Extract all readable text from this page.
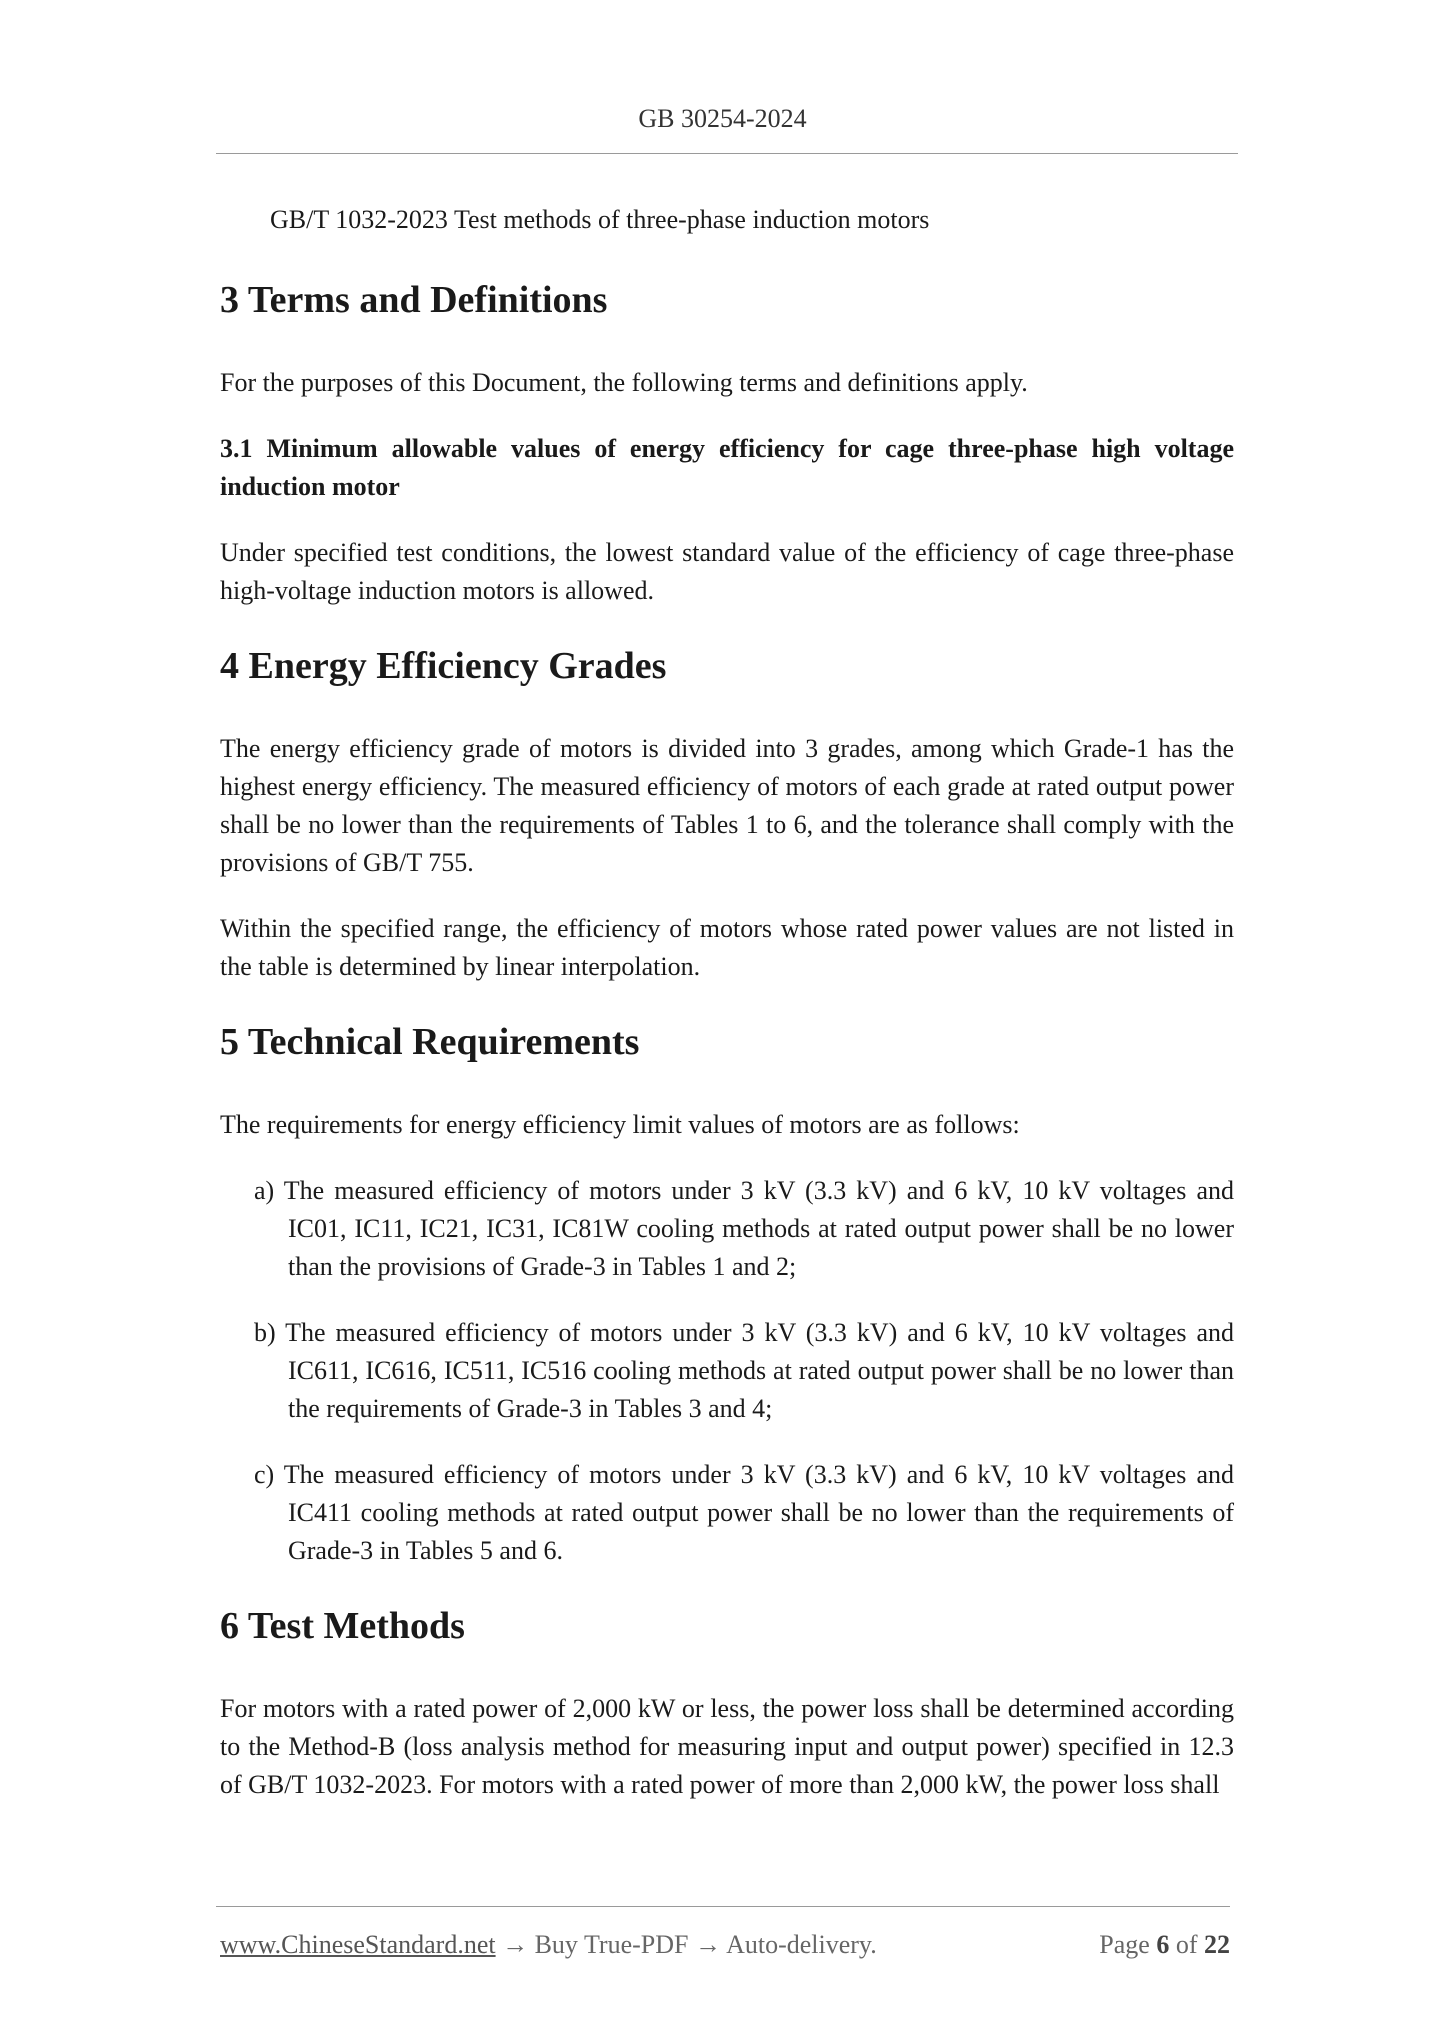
GB 30254-2024
GB/T 1032-2023 Test methods of three-phase induction motors
3 Terms and Definitions

For the purposes of this Document, the following terms and definitions apply.

3.1 Minimum allowable values of energy efficiency for cage three-phase high voltage induction motor

Under specified test conditions, the lowest standard value of the efficiency of cage three-phase high-voltage induction motors is allowed.

4 Energy Efficiency Grades

The energy efficiency grade of motors is divided into 3 grades, among which Grade-1 has the highest energy efficiency. The measured efficiency of motors of each grade at rated output power shall be no lower than the requirements of Tables 1 to 6, and the tolerance shall comply with the provisions of GB/T 755.

Within the specified range, the efficiency of motors whose rated power values are not listed in the table is determined by linear interpolation.

5 Technical Requirements

The requirements for energy efficiency limit values of motors are as follows:

a) The measured efficiency of motors under 3 kV (3.3 kV) and 6 kV, 10 kV voltages and IC01, IC11, IC21, IC31, IC81W cooling methods at rated output power shall be no lower than the provisions of Grade-3 in Tables 1 and 2;
b) The measured efficiency of motors under 3 kV (3.3 kV) and 6 kV, 10 kV voltages and IC611, IC616, IC511, IC516 cooling methods at rated output power shall be no lower than the requirements of Grade-3 in Tables 3 and 4;
c) The measured efficiency of motors under 3 kV (3.3 kV) and 6 kV, 10 kV voltages and IC411 cooling methods at rated output power shall be no lower than the requirements of Grade-3 in Tables 5 and 6.
6 Test Methods

For motors with a rated power of 2,000 kW or less, the power loss shall be determined according to the Method-B (loss analysis method for measuring input and output power) specified in 12.3 of GB/T 1032-2023. For motors with a rated power of more than 2,000 kW, the power loss shall

www.ChineseStandard.net → Buy True-PDF → Auto-delivery.	Page 6 of 22
